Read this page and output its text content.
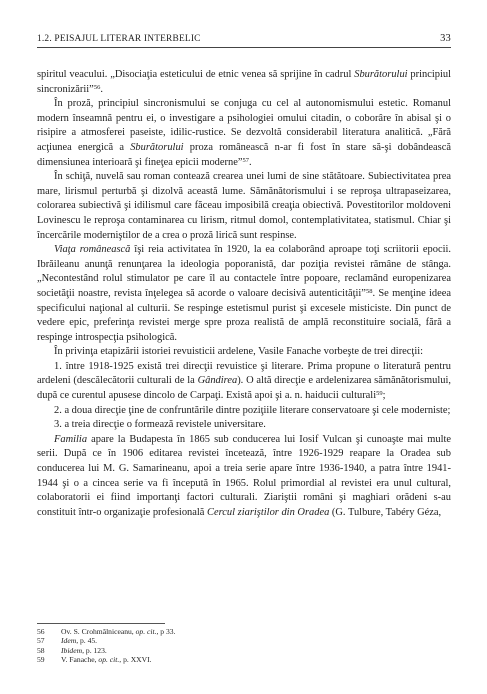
1.2. PEISAJUL LITERAR INTERBELIC	33

spiritul veacului. „Disociaţia esteticului de etnic venea să sprijine în cadrul Sburătorului principiul sincronizării”$^{56}$.

În proză, principiul sincronismului se conjuga cu cel al autonomismului estetic. Romanul modern înseamnă pentru ei, o investigare a psihologiei omului citadin, o coborâre în abisal şi o risipire a atmosferei paseiste, idilic-rustice. Se dezvoltă considerabil literatura analitică. „Fără acţiunea energică a Sburătorului proza românească n-ar fi fost în stare să-şi dobândească dimensiunea interioară şi fineţea epicii moderne”$^{57}$.

În schiţă, nuvelă sau roman contează crearea unei lumi de sine stătătoare. Subiectivitatea prea mare, lirismul perturbă şi dizolvă această lume. Sămănătorismului i se reproşa ultrapaseizarea, colorarea subiectivă şi idilismul care făceau imposibilă creaţia obiectivă. Povestitorilor moldoveni Lovinescu le reproşa contaminarea cu lirism, ritmul domol, contemplativitatea, statismul. Chiar şi încercările moderniştilor de a crea o proză lirică sunt respinse.

Viaţa românească îşi reia activitatea în 1920, la ea colaborând aproape toţi scriitorii epocii. Ibrăileanu anunţă renunţarea la ideologia poporanistă, dar poziţia revistei rămâne de stânga. „Necontestând rolul stimulator pe care îl au contactele între popoare, reclamând europenizarea societăţii noastre, revista înţelegea să acorde o valoare decisivă autenticităţii”$^{58}$. Se menţine ideea specificului naţional al culturii. Se respinge estetismul purist şi excesele misticiste. Din punct de vedere epic, preferinţa revistei merge spre proza realistă de amplă reconstituire socială, fără a respinge introspecţia psihologică.

În privinţa etapizării istoriei revuisticii ardelene, Vasile Fanache vorbeşte de trei direcţii:

1. între 1918-1925 există trei direcţii revuistice şi literare. Prima propune o literatură pentru ardeleni (descălecătorii culturali de la Gândirea). O altă direcţie e ardelenizarea sămănătorismului, după ce curentul apusese dincolo de Carpaţi. Există apoi şi a. n. haiducii culturali$^{59}$;

2. a doua direcţie ţine de confruntările dintre poziţiile literare conservatoare şi cele moderniste;

3. a treia direcţie o formează revistele universitare.

Familia apare la Budapesta în 1865 sub conducerea lui Iosif Vulcan şi cunoaşte mai multe serii. După ce în 1906 editarea revistei încetează, între 1926-1929 reapare la Oradea sub conducerea lui M. G. Samarineanu, apoi a treia serie apare între 1936-1940, a patra între 1941-1944 şi o a cincea serie va fi începută în 1965. Rolul primordial al revistei era unul cultural, colaboratorii ei fiind importanţi factori culturali. Ziariştii români şi maghiari orădeni s-au constituit într-o organizaţie profesională Cercul ziariştilor din Oradea (G. Tulbure, Tabéry Géza,

56	Ov. S. Crohmălniceanu, op. cit., p 33.
57	Idem, p. 45.
58	Ibidem, p. 123.
59	V. Fanache, op. cit., p. XXVI.
